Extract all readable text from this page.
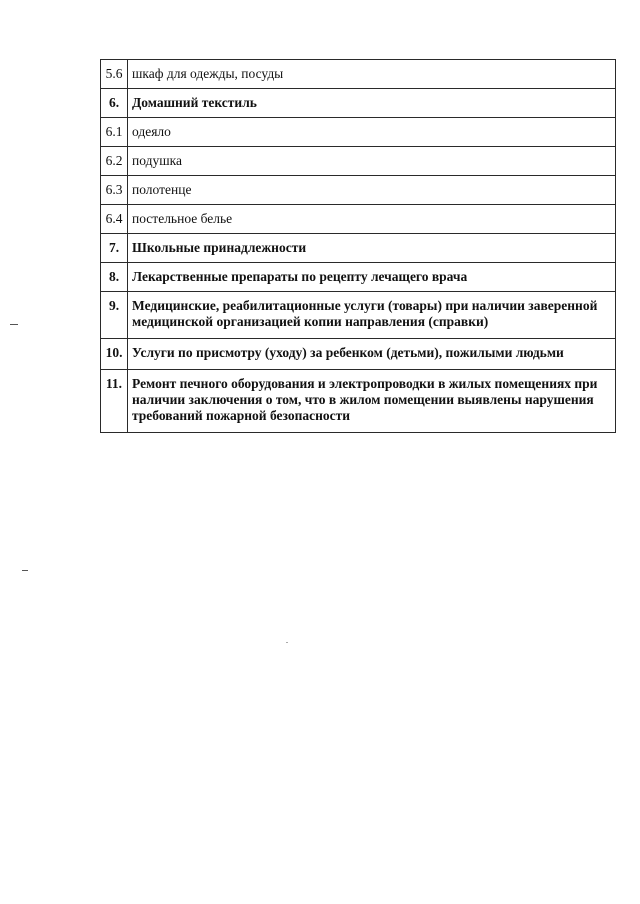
5.6	шкаф для одежды, посуды
6.	Домашний текстиль
6.1	одеяло
6.2	подушка
6.3	полотенце
6.4	постельное белье
7.	Школьные принадлежности
8.	Лекарственные препараты по рецепту лечащего врача
9.	Медицинские, реабилитационные услуги (товары) при наличии заверенной медицинской организацией копии направления (справки)
10.	Услуги по присмотру (уходу) за ребенком (детьми), пожилыми людьми
11.	Ремонт печного оборудования и электропроводки в жилых помещениях при наличии заключения о том, что в жилом помещении выявлены нарушения требований пожарной безопасности
